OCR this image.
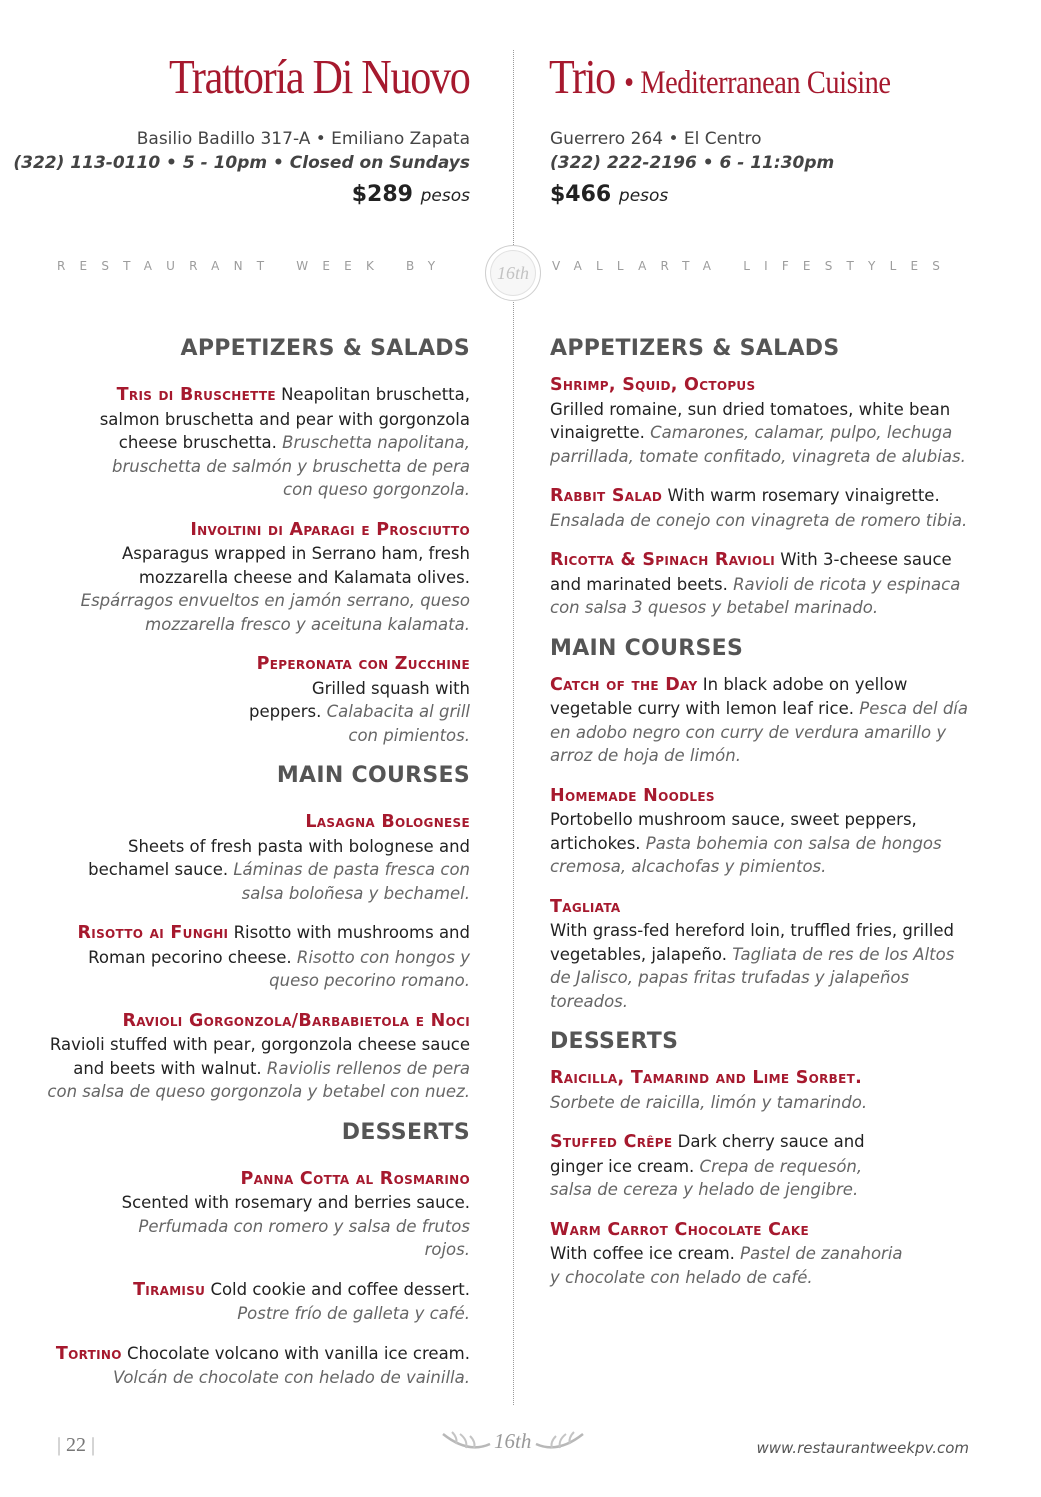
Trattoría Di Nuovo Trio • Mediterranean Cuisine
Basilio Badillo 317-A • Emiliano Zapata
(322) 113-0110 • 5 - 10pm • Closed on Sundays
$289 pesos
Guerrero 264 • El Centro
(322) 222-2196 • 6 - 11:30pm
$466 pesos
RESTAURANT WEEK BY	16th	VALLARTA LIFESTYLES
APPETIZERS & SALADS
Tris di Bruschette Neapolitan bruschetta, salmon bruschetta and pear with gorgonzola cheese bruschetta. Bruschetta napolitana, bruschetta de salmón y bruschetta de pera con queso gorgonzola.
Involtini di Aparagi e Prosciutto
Asparagus wrapped in Serrano ham, fresh mozzarella cheese and Kalamata olives. Espárragos envueltos en jamón serrano, queso mozzarella fresco y aceituna kalamata.
Peperonata con Zucchine
Grilled squash with peppers. Calabacita al grill con pimientos.
MAIN COURSES
Lasagna Bolognese
Sheets of fresh pasta with bolognese and bechamel sauce. Láminas de pasta fresca con salsa boloñesa y bechamel.
Risotto ai Funghi Risotto with mushrooms and Roman pecorino cheese. Risotto con hongos y queso pecorino romano.
Ravioli Gorgonzola/Barbabietola e Noci
Ravioli stuffed with pear, gorgonzola cheese sauce and beets with walnut. Raviolis rellenos de pera con salsa de queso gorgonzola y betabel con nuez.
DESSERTS
Panna Cotta al Rosmarino
Scented with rosemary and berries sauce. Perfumada con romero y salsa de frutos rojos.
Tiramisu Cold cookie and coffee dessert. Postre frío de galleta y café.
Tortino Chocolate volcano with vanilla ice cream. Volcán de chocolate con helado de vainilla.
APPETIZERS & SALADS
Shrimp, Squid, Octopus
Grilled romaine, sun dried tomatoes, white bean vinaigrette. Camarones, calamar, pulpo, lechuga parrillada, tomate confitado, vinagreta de alubias.
Rabbit Salad With warm rosemary vinaigrette. Ensalada de conejo con vinagreta de romero tibia.
Ricotta & Spinach Ravioli With 3-cheese sauce and marinated beets. Ravioli de ricota y espinaca con salsa 3 quesos y betabel marinado.
MAIN COURSES
Catch of the Day In black adobe on yellow vegetable curry with lemon leaf rice. Pesca del día en adobo negro con curry de verdura amarillo y arroz de hoja de limón.
Homemade Noodles
Portobello mushroom sauce, sweet peppers, artichokes. Pasta bohemia con salsa de hongos cremosa, alcachofas y pimientos.
Tagliata
With grass-fed hereford loin, truffled fries, grilled vegetables, jalapeño. Tagliata de res de los Altos de Jalisco, papas fritas trufadas y jalapeños toreados.
DESSERTS
Raicilla, Tamarind and Lime Sorbet.
Sorbete de raicilla, limón y tamarindo.
Stuffed Crêpe Dark cherry sauce and ginger ice cream. Crepa de requesón, salsa de cereza y helado de jengibre.
Warm Carrot Chocolate Cake
With coffee ice cream. Pastel de zanahoria y chocolate con helado de café.
| 22 |	16th	www.restaurantweekpv.com
